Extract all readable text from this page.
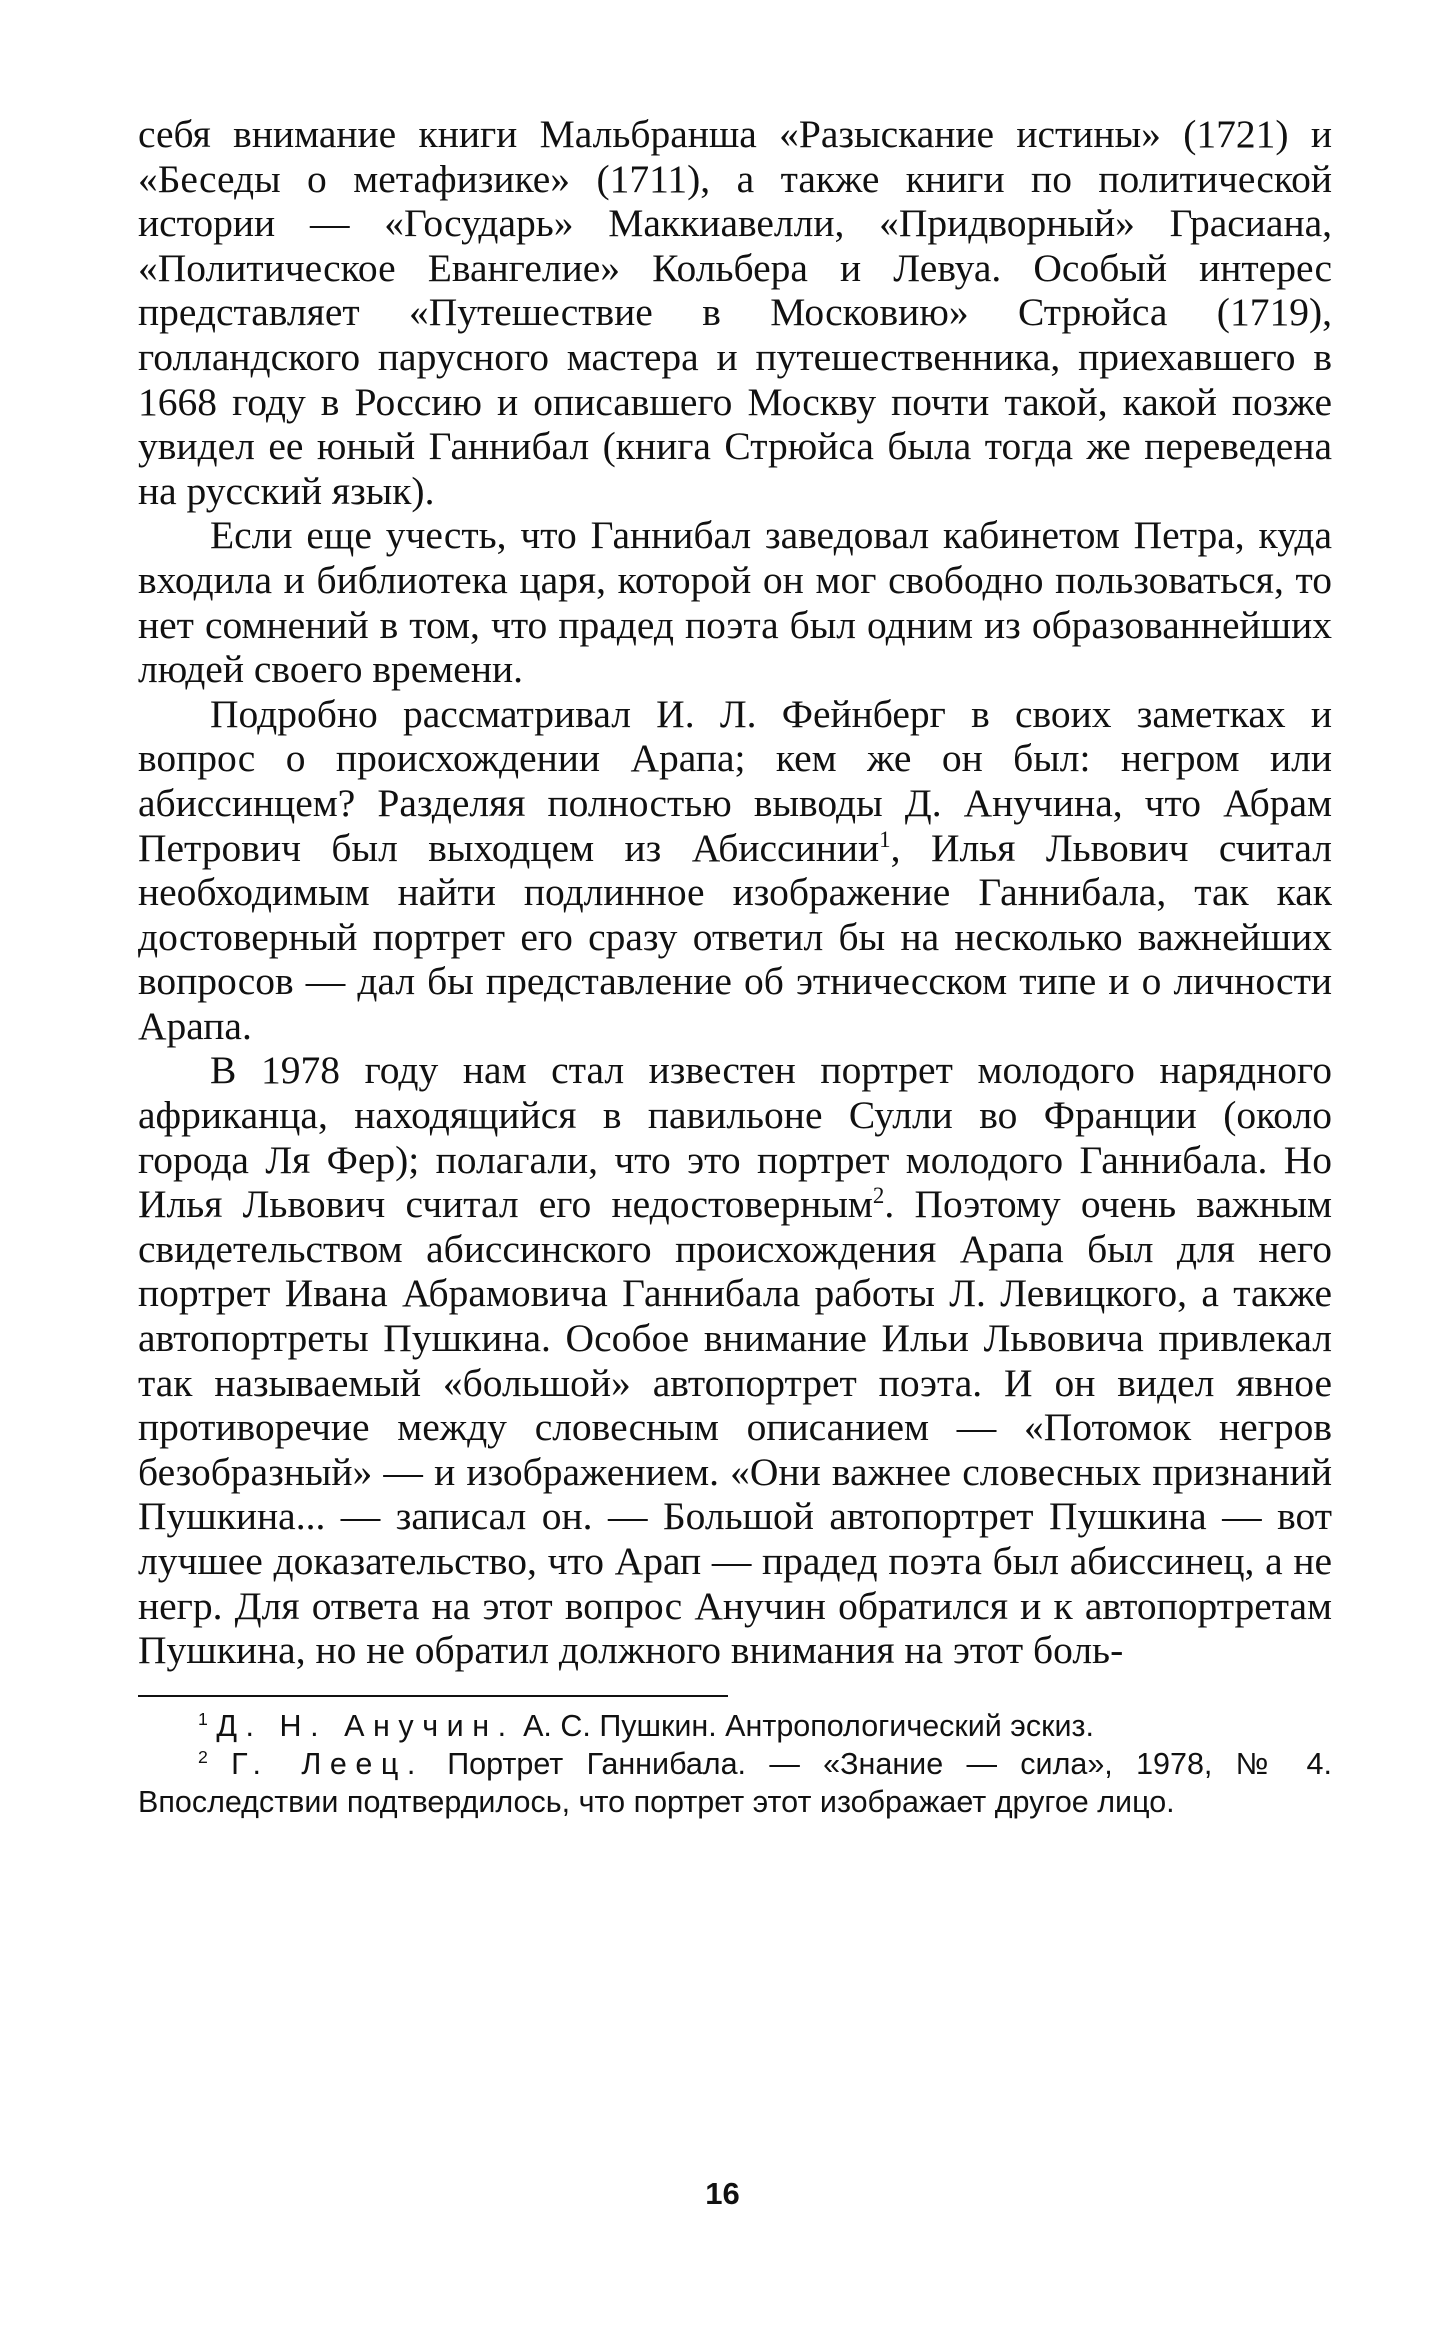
себя внимание книги Мальбранша «Разыскание истины» (1721) и «Беседы о метафизике» (1711), а также книги по политической истории — «Государь» Маккиавелли, «Придворный» Грасиана, «Политическое Евангелие» Кольбера и Левуа. Особый интерес представляет «Путешествие в Московию» Стрюйса (1719), голландского парусного мастера и путешественника, приехавшего в 1668 году в Россию и описавшего Москву почти такой, какой позже увидел ее юный Ганнибал (книга Стрюйса была тогда же переведена на русский язык).

Если еще учесть, что Ганнибал заведовал кабинетом Петра, куда входила и библиотека царя, которой он мог свободно пользоваться, то нет сомнений в том, что прадед поэта был одним из образованнейших людей своего времени.

Подробно рассматривал И. Л. Фейнберг в своих заметках и вопрос о происхождении Арапа; кем же он был: негром или абиссинцем? Разделяя полностью выводы Д. Анучина, что Абрам Петрович был выходцем из Абиссинии$^1$, Илья Львович считал необходимым найти подлинное изображение Ганнибала, так как достоверный портрет его сразу ответил бы на несколько важнейших вопросов — дал бы представление об этничесском типе и о личности Арапа.

В 1978 году нам стал известен портрет молодого нарядного африканца, находящийся в павильоне Сулли во Франции (около города Ля Фер); полагали, что это портрет молодого Ганнибала. Но Илья Львович считал его недостоверным$^2$. Поэтому очень важным свидетельством абиссинского происхождения Арапа был для него портрет Ивана Абрамовича Ганнибала работы Л. Левицкого, а также автопортреты Пушкина. Особое внимание Ильи Львовича привлекал так называемый «большой» автопортрет поэта. И он видел явное противоречие между словесным описанием — «Потомок негров безобразный» — и изображением. «Они важнее словесных признаний Пушкина... — записал он. — Большой автопортрет Пушкина — вот лучшее доказательство, что Арап — прадед поэта был абиссинец, а не негр. Для ответа на этот вопрос Анучин обратился и к автопортретам Пушкина, но не обратил должного внимания на этот боль-

$^1$ Д. Н. Анучин. А. С. Пушкин. Антропологический эскиз.

$^2$ Г. Леец. Портрет Ганнибала. — «Знание — сила», 1978, № 4. Впоследствии подтвердилось, что портрет этот изображает другое лицо.

16
